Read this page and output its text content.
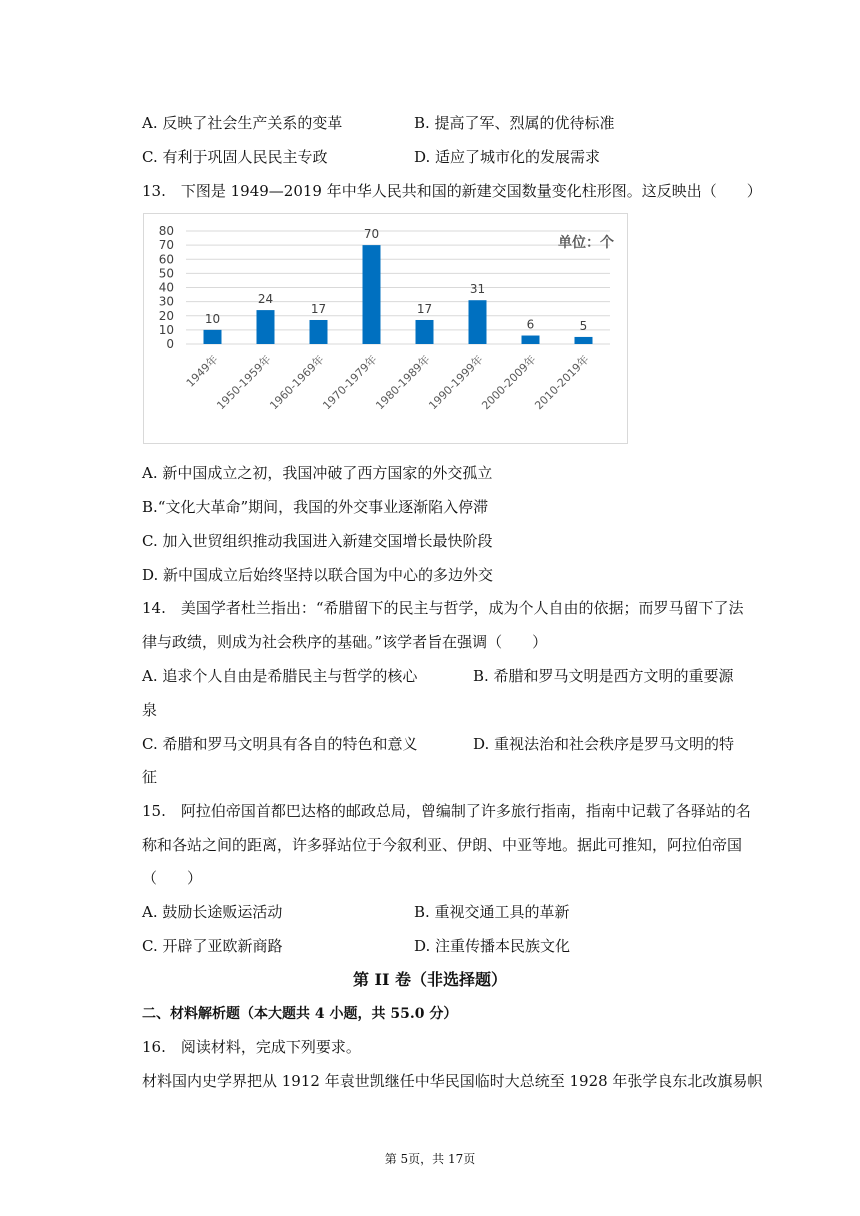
A. 反映了社会生产关系的变革	B. 提高了军、烈属的优待标准
C. 有利于巩固人民民主专政	D. 适应了城市化的发展需求
13.　下图是 1949—2019 年中华人民共和国的新建交国数量变化柱形图。这反映出（　　）
0
10
20
30
40
50
60
70
80
10
24
17
70
17
31
6	5
1949年
1950-1959年
1960-1969年
1970-1979年
1980-1989年
1990-1999年
2000-2009年
2010-2019年
单位：个
A. 新中国成立之初，我国冲破了西方国家的外交孤立
B.“文化大革命”期间，我国的外交事业逐渐陷入停滞
C. 加入世贸组织推动我国进入新建交国增长最快阶段
D. 新中国成立后始终坚持以联合国为中心的多边外交
14.　美国学者杜兰指出：“希腊留下的民主与哲学，成为个人自由的依据；而罗马留下了法
律与政绩，则成为社会秩序的基础。”该学者旨在强调（　　）
A. 追求个人自由是希腊民主与哲学的核心	B. 希腊和罗马文明是西方文明的重要源
泉
C. 希腊和罗马文明具有各自的特色和意义	D. 重视法治和社会秩序是罗马文明的特
征
15.　阿拉伯帝国首都巴达格的邮政总局，曾编制了许多旅行指南，指南中记载了各驿站的名
称和各站之间的距离，许多驿站位于今叙利亚、伊朗、中亚等地。据此可推知，阿拉伯帝国
（　　）
A. 鼓励长途贩运活动	B. 重视交通工具的革新
C. 开辟了亚欧新商路	D. 注重传播本民族文化
第 II 卷（非选择题）
二、材料解析题（本大题共 4 小题，共 55.0 分）
16.　阅读材料，完成下列要求。
材料国内史学界把从 1912 年袁世凯继任中华民国临时大总统至 1928 年张学良东北改旗易帜
第 5页，共 17页
